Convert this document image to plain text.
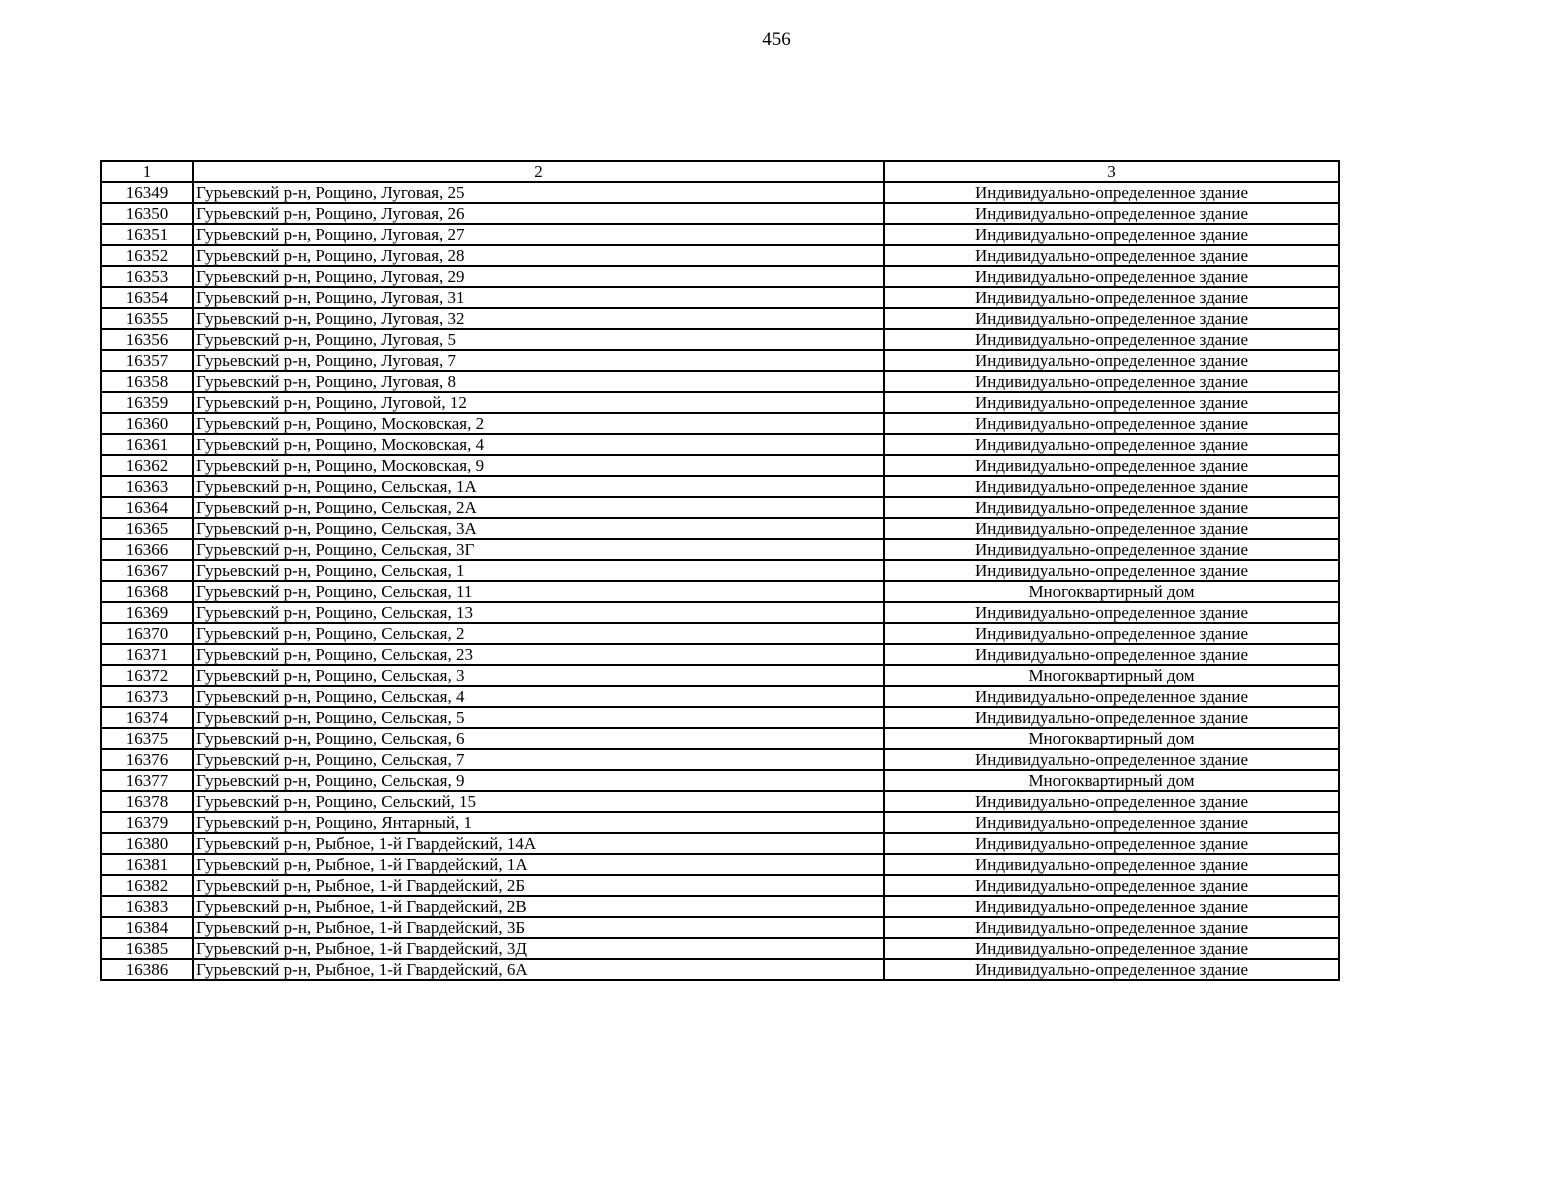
456
1	2	3
16349	Гурьевский р-н, Рощино, Луговая, 25	Индивидуально-определенное здание
16350	Гурьевский р-н, Рощино, Луговая, 26	Индивидуально-определенное здание
16351	Гурьевский р-н, Рощино, Луговая, 27	Индивидуально-определенное здание
16352	Гурьевский р-н, Рощино, Луговая, 28	Индивидуально-определенное здание
16353	Гурьевский р-н, Рощино, Луговая, 29	Индивидуально-определенное здание
16354	Гурьевский р-н, Рощино, Луговая, 31	Индивидуально-определенное здание
16355	Гурьевский р-н, Рощино, Луговая, 32	Индивидуально-определенное здание
16356	Гурьевский р-н, Рощино, Луговая, 5	Индивидуально-определенное здание
16357	Гурьевский р-н, Рощино, Луговая, 7	Индивидуально-определенное здание
16358	Гурьевский р-н, Рощино, Луговая, 8	Индивидуально-определенное здание
16359	Гурьевский р-н, Рощино, Луговой, 12	Индивидуально-определенное здание
16360	Гурьевский р-н, Рощино, Московская, 2	Индивидуально-определенное здание
16361	Гурьевский р-н, Рощино, Московская, 4	Индивидуально-определенное здание
16362	Гурьевский р-н, Рощино, Московская, 9	Индивидуально-определенное здание
16363	Гурьевский р-н, Рощино, Сельская, 1А	Индивидуально-определенное здание
16364	Гурьевский р-н, Рощино, Сельская, 2А	Индивидуально-определенное здание
16365	Гурьевский р-н, Рощино, Сельская, 3А	Индивидуально-определенное здание
16366	Гурьевский р-н, Рощино, Сельская, 3Г	Индивидуально-определенное здание
16367	Гурьевский р-н, Рощино, Сельская, 1	Индивидуально-определенное здание
16368	Гурьевский р-н, Рощино, Сельская, 11	Многоквартирный дом
16369	Гурьевский р-н, Рощино, Сельская, 13	Индивидуально-определенное здание
16370	Гурьевский р-н, Рощино, Сельская, 2	Индивидуально-определенное здание
16371	Гурьевский р-н, Рощино, Сельская, 23	Индивидуально-определенное здание
16372	Гурьевский р-н, Рощино, Сельская, 3	Многоквартирный дом
16373	Гурьевский р-н, Рощино, Сельская, 4	Индивидуально-определенное здание
16374	Гурьевский р-н, Рощино, Сельская, 5	Индивидуально-определенное здание
16375	Гурьевский р-н, Рощино, Сельская, 6	Многоквартирный дом
16376	Гурьевский р-н, Рощино, Сельская, 7	Индивидуально-определенное здание
16377	Гурьевский р-н, Рощино, Сельская, 9	Многоквартирный дом
16378	Гурьевский р-н, Рощино, Сельский, 15	Индивидуально-определенное здание
16379	Гурьевский р-н, Рощино, Янтарный, 1	Индивидуально-определенное здание
16380	Гурьевский р-н, Рыбное, 1-й Гвардейский, 14А	Индивидуально-определенное здание
16381	Гурьевский р-н, Рыбное, 1-й Гвардейский, 1А	Индивидуально-определенное здание
16382	Гурьевский р-н, Рыбное, 1-й Гвардейский, 2Б	Индивидуально-определенное здание
16383	Гурьевский р-н, Рыбное, 1-й Гвардейский, 2В	Индивидуально-определенное здание
16384	Гурьевский р-н, Рыбное, 1-й Гвардейский, 3Б	Индивидуально-определенное здание
16385	Гурьевский р-н, Рыбное, 1-й Гвардейский, 3Д	Индивидуально-определенное здание
16386	Гурьевский р-н, Рыбное, 1-й Гвардейский, 6А	Индивидуально-определенное здание
